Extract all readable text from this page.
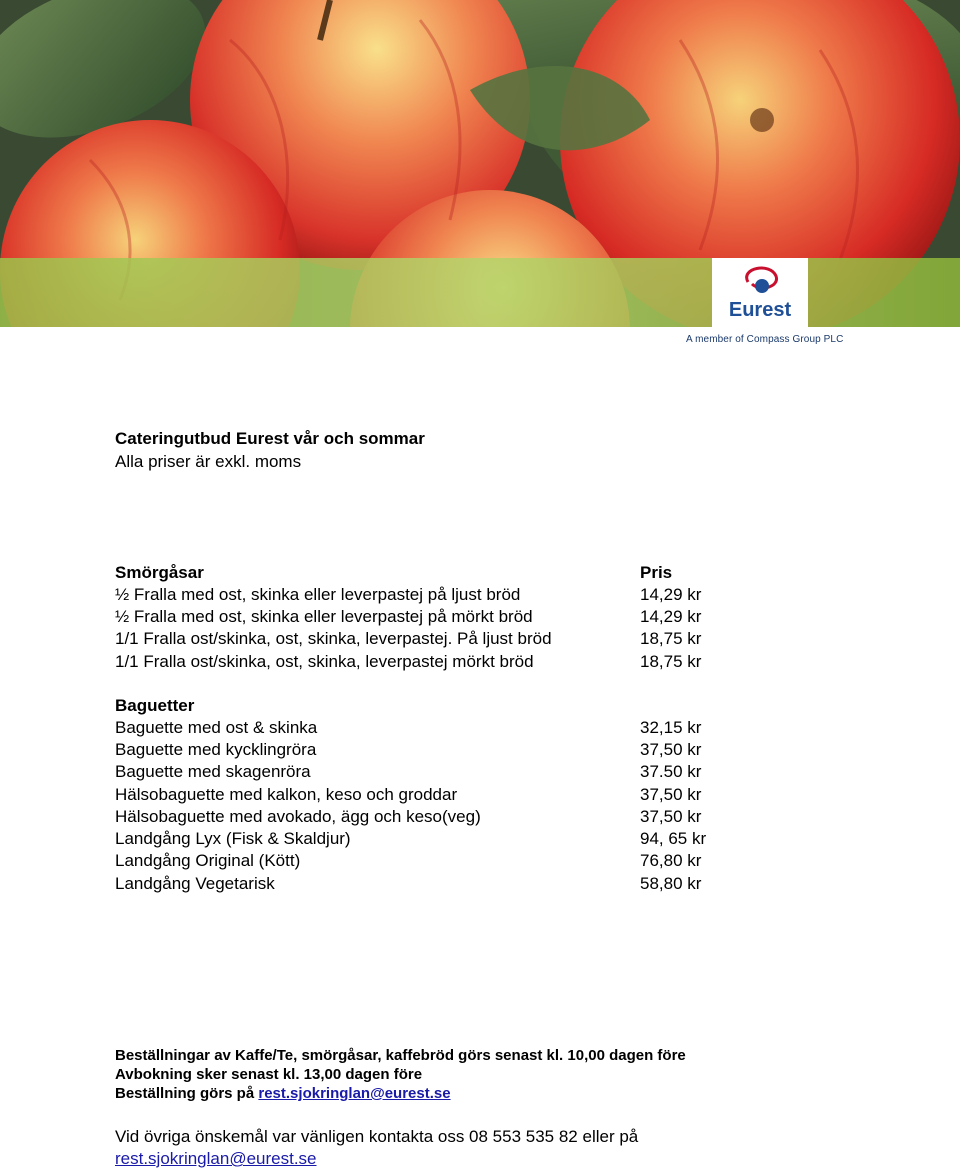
Eurest
A member of Compass Group PLC
Cateringutbud Eurest vår och sommar
Alla priser är exkl. moms
Smörgåsar	Pris
½ Fralla med ost, skinka eller leverpastej på ljust bröd	14,29 kr
½ Fralla med ost, skinka eller leverpastej på mörkt bröd	14,29 kr
1/1 Fralla ost/skinka, ost, skinka, leverpastej. På ljust bröd	18,75 kr
1/1 Fralla ost/skinka, ost, skinka, leverpastej mörkt bröd	18,75 kr
Baguetter
Baguette med ost & skinka	32,15 kr
Baguette med kycklingröra	37,50 kr
Baguette med skagenröra	37.50 kr
Hälsobaguette med kalkon, keso och groddar	37,50 kr
Hälsobaguette med avokado, ägg och keso(veg)	37,50 kr
Landgång Lyx (Fisk & Skaldjur)	94, 65 kr
Landgång Original (Kött)	76,80 kr
Landgång Vegetarisk	58,80 kr
Beställningar av Kaffe/Te, smörgåsar, kaffebröd görs senast kl. 10,00 dagen före
Avbokning sker senast kl. 13,00 dagen före
Beställning görs på rest.sjokringlan@eurest.se
Vid övriga önskemål var vänligen kontakta oss 08 553 535 82 eller på
rest.sjokringlan@eurest.se
